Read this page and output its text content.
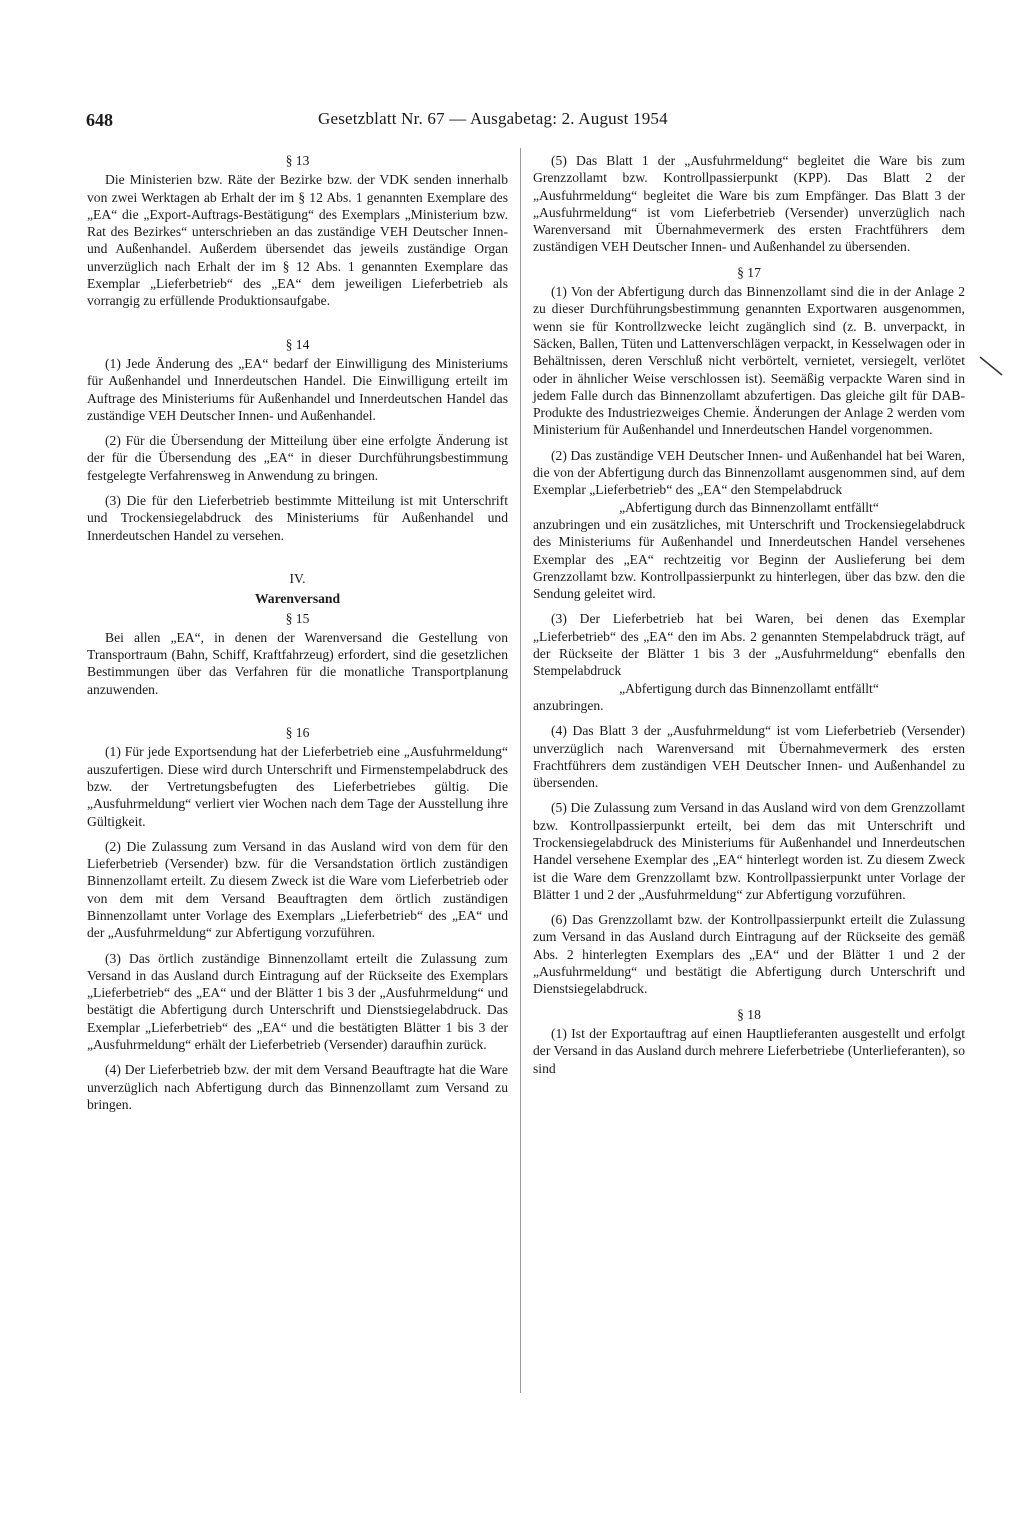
648	Gesetzblatt Nr. 67 — Ausgabetag: 2. August 1954
§ 13

Die Ministerien bzw. Räte der Bezirke bzw. der VDK senden innerhalb von zwei Werktagen ab Erhalt der im § 12 Abs. 1 genannten Exemplare des „EA“ die „Export-Auftrags-Bestätigung“ des Exemplars „Ministerium bzw. Rat des Bezirkes“ unterschrieben an das zuständige VEH Deutscher Innen- und Außenhandel. Außerdem übersendet das jeweils zuständige Organ unverzüglich nach Erhalt der im § 12 Abs. 1 genannten Exemplare das Exemplar „Lieferbetrieb“ des „EA“ dem jeweiligen Lieferbetrieb als vorrangig zu erfüllende Produktionsaufgabe.

§ 14

(1) Jede Änderung des „EA“ bedarf der Einwilligung des Ministeriums für Außenhandel und Innerdeutschen Handel. Die Einwilligung erteilt im Auftrage des Ministeriums für Außenhandel und Innerdeutschen Handel das zuständige VEH Deutscher Innen- und Außenhandel.

(2) Für die Übersendung der Mitteilung über eine erfolgte Änderung ist der für die Übersendung des „EA“ in dieser Durchführungsbestimmung festgelegte Verfahrensweg in Anwendung zu bringen.

(3) Die für den Lieferbetrieb bestimmte Mitteilung ist mit Unterschrift und Trockensiegelabdruck des Ministeriums für Außenhandel und Innerdeutschen Handel zu versehen.

IV.
Warenversand
§ 15

Bei allen „EA“, in denen der Warenversand die Gestellung von Transportraum (Bahn, Schiff, Kraftfahrzeug) erfordert, sind die gesetzlichen Bestimmungen über das Verfahren für die monatliche Transportplanung anzuwenden.

§ 16

(1) Für jede Exportsendung hat der Lieferbetrieb eine „Ausfuhrmeldung“ auszufertigen. Diese wird durch Unterschrift und Firmenstempelabdruck des bzw. der Vertretungsbefugten des Lieferbetriebes gültig. Die „Ausfuhrmeldung“ verliert vier Wochen nach dem Tage der Ausstellung ihre Gültigkeit.

(2) Die Zulassung zum Versand in das Ausland wird von dem für den Lieferbetrieb (Versender) bzw. für die Versandstation örtlich zuständigen Binnenzollamt erteilt. Zu diesem Zweck ist die Ware vom Lieferbetrieb oder von dem mit dem Versand Beauftragten dem örtlich zuständigen Binnenzollamt unter Vorlage des Exemplars „Lieferbetrieb“ des „EA“ und der „Ausfuhrmeldung“ zur Abfertigung vorzuführen.

(3) Das örtlich zuständige Binnenzollamt erteilt die Zulassung zum Versand in das Ausland durch Eintragung auf der Rückseite des Exemplars „Lieferbetrieb“ des „EA“ und der Blätter 1 bis 3 der „Ausfuhrmeldung“ und bestätigt die Abfertigung durch Unterschrift und Dienstsiegelabdruck. Das Exemplar „Lieferbetrieb“ des „EA“ und die bestätigten Blätter 1 bis 3 der „Ausfuhrmeldung“ erhält der Lieferbetrieb (Versender) daraufhin zurück.

(4) Der Lieferbetrieb bzw. der mit dem Versand Beauftragte hat die Ware unverzüglich nach Abfertigung durch das Binnenzollamt zum Versand zu bringen.

(5) Das Blatt 1 der „Ausfuhrmeldung“ begleitet die Ware bis zum Grenzzollamt bzw. Kontrollpassierpunkt (KPP). Das Blatt 2 der „Ausfuhrmeldung“ begleitet die Ware bis zum Empfänger. Das Blatt 3 der „Ausfuhrmeldung“ ist vom Lieferbetrieb (Versender) unverzüglich nach Warenversand mit Übernahmevermerk des ersten Frachtführers dem zuständigen VEH Deutscher Innen- und Außenhandel zu übersenden.

§ 17

(1) Von der Abfertigung durch das Binnenzollamt sind die in der Anlage 2 zu dieser Durchführungsbestimmung genannten Exportwaren ausgenommen, wenn sie für Kontrollzwecke leicht zugänglich sind (z. B. unverpackt, in Säcken, Ballen, Tüten und Lattenverschlägen verpackt, in Kesselwagen oder in Behältnissen, deren Verschluß nicht verbörtelt, vernietet, versiegelt, verlötet oder in ähnlicher Weise verschlossen ist). Seemäßig verpackte Waren sind in jedem Falle durch das Binnenzollamt abzufertigen. Das gleiche gilt für DAB-Produkte des Industriezweiges Chemie. Änderungen der Anlage 2 werden vom Ministerium für Außenhandel und Innerdeutschen Handel vorgenommen.

(2) Das zuständige VEH Deutscher Innen- und Außenhandel hat bei Waren, die von der Abfertigung durch das Binnenzollamt ausgenommen sind, auf dem Exemplar „Lieferbetrieb“ des „EA“ den Stempelabdruck

„Abfertigung durch das Binnenzollamt entfällt“

anzubringen und ein zusätzliches, mit Unterschrift und Trockensiegelabdruck des Ministeriums für Außenhandel und Innerdeutschen Handel versehenes Exemplar des „EA“ rechtzeitig vor Beginn der Auslieferung bei dem Grenzzollamt bzw. Kontrollpassierpunkt zu hinterlegen, über das bzw. den die Sendung geleitet wird.

(3) Der Lieferbetrieb hat bei Waren, bei denen das Exemplar „Lieferbetrieb“ des „EA“ den im Abs. 2 genannten Stempelabdruck trägt, auf der Rückseite der Blätter 1 bis 3 der „Ausfuhrmeldung“ ebenfalls den Stempelabdruck

„Abfertigung durch das Binnenzollamt entfällt“

anzubringen.

(4) Das Blatt 3 der „Ausfuhrmeldung“ ist vom Lieferbetrieb (Versender) unverzüglich nach Warenversand mit Übernahmevermerk des ersten Frachtführers dem zuständigen VEH Deutscher Innen- und Außenhandel zu übersenden.

(5) Die Zulassung zum Versand in das Ausland wird von dem Grenzzollamt bzw. Kontrollpassierpunkt erteilt, bei dem das mit Unterschrift und Trockensiegelabdruck des Ministeriums für Außenhandel und Innerdeutschen Handel versehene Exemplar des „EA“ hinterlegt worden ist. Zu diesem Zweck ist die Ware dem Grenzzollamt bzw. Kontrollpassierpunkt unter Vorlage der Blätter 1 und 2 der „Ausfuhrmeldung“ zur Abfertigung vorzuführen.

(6) Das Grenzzollamt bzw. der Kontrollpassierpunkt erteilt die Zulassung zum Versand in das Ausland durch Eintragung auf der Rückseite des gemäß Abs. 2 hinterlegten Exemplars des „EA“ und der Blätter 1 und 2 der „Ausfuhrmeldung“ und bestätigt die Abfertigung durch Unterschrift und Dienstsiegelabdruck.

§ 18

(1) Ist der Exportauftrag auf einen Hauptlieferanten ausgestellt und erfolgt der Versand in das Ausland durch mehrere Lieferbetriebe (Unterlieferanten), so sind
